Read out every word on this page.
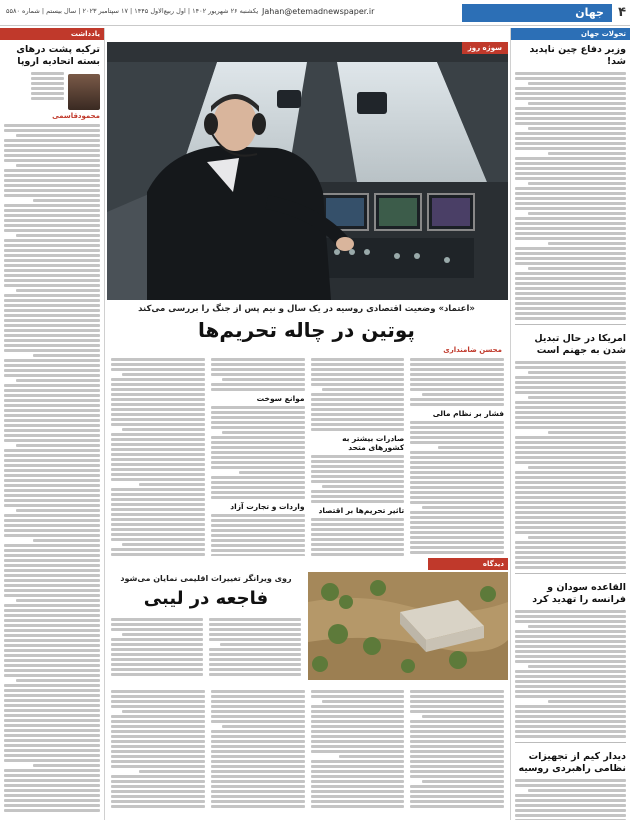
۴
جهان
Jahan@etemadnewspaper.ir
یکشنبه ۲۶ شهریور ۱۴۰۲ | اول ربیع‌الاول ۱۴۴۵ | ۱۷ سپتامبر ۲۰۲۳ | سال بیستم | شماره ۵۵۸۰
تحولات جهان
وزیر دفاع چین ناپدید شد!
امریکا در حال تبدیل شدن به جهنم است
القاعده سودان و فرانسه را تهدید کرد
دیدار کیم از تجهیزات نظامی راهبردی روسیه
یادداشت
ترکیه پشت درهای بسته اتحادیه اروپا
محمودقاسمی
سوژه روز
«اعتماد» وضعیت اقتصادی روسیه در یک سال و نیم پس از جنگ را بررسی می‌کند
پوتین در چاله تحریم‌ها
محسن ضامنداری
موانع سوخت
واردات و تجارت آزاد
صادرات بیشتر به کشورهای متحد
تاثیر تحریم‌ها بر اقتصاد
فشار بر نظام مالی
دیدگاه
روی ویرانگر تغییرات اقلیمی نمایان می‌شود
فاجعه در لیبی
